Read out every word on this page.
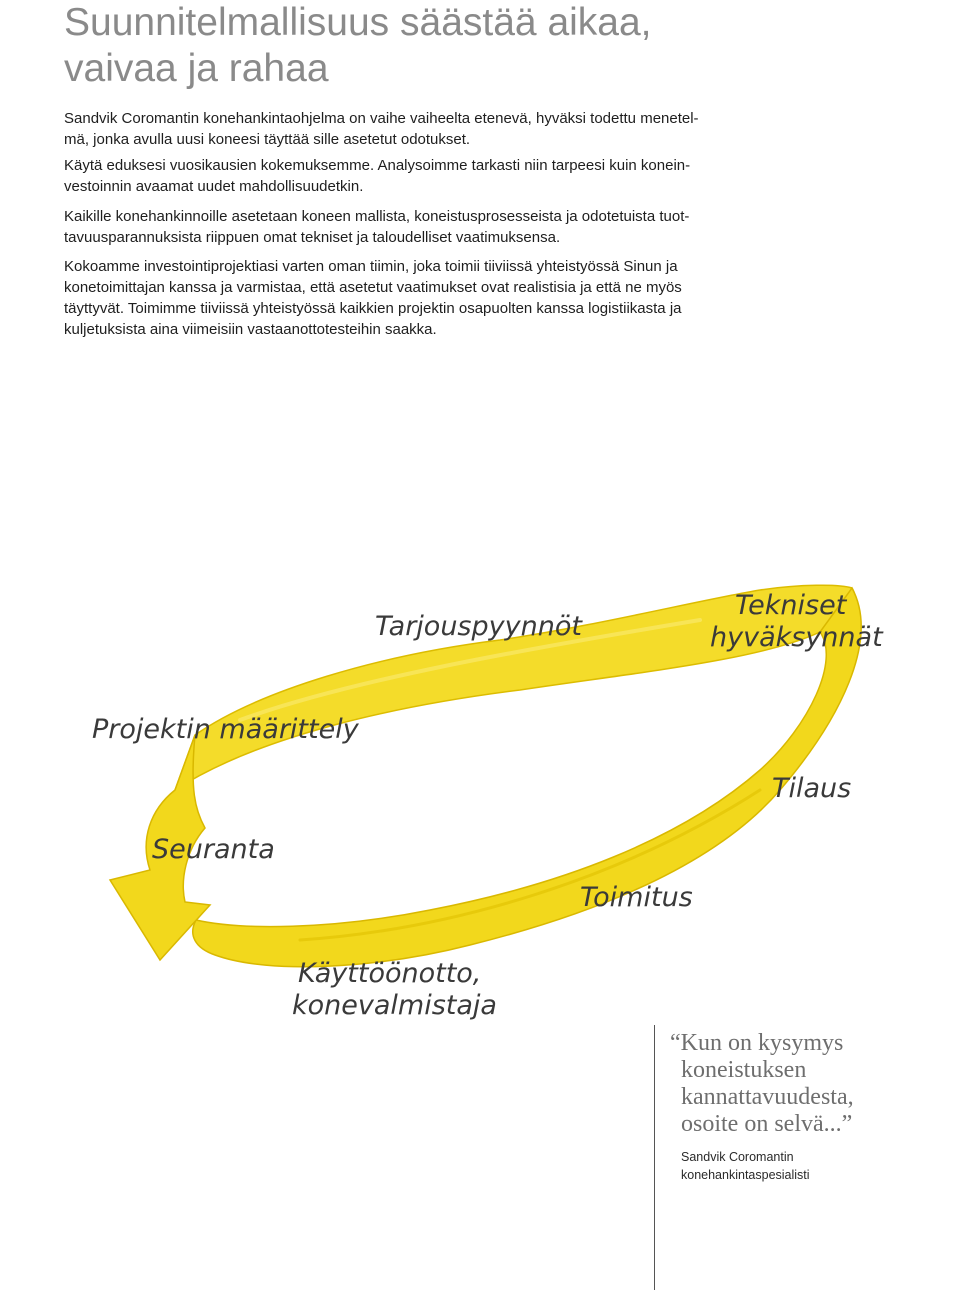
Suunnitelmallisuus säästää aikaa,
vaivaa ja rahaa
Sandvik Coromantin konehankintaohjelma on vaihe vaiheelta etenevä, hyväksi todettu menetel-
mä, jonka avulla uusi koneesi täyttää sille asetetut odotukset.
Käytä eduksesi vuosikausien kokemuksemme. Analysoimme tarkasti niin tarpeesi kuin konein-
vestoinnin avaamat uudet mahdollisuudetkin.
Kaikille konehankinnoille asetetaan koneen mallista, koneistusprosesseista ja odotetuista tuot-
tavuusparannuksista riippuen omat tekniset ja taloudelliset vaatimuksensa.
Kokoamme investointiprojektiasi varten oman tiimin, joka toimii tiiviissä yhteistyössä Sinun ja
konetoimittajan kanssa ja varmistaa, että asetetut vaatimukset ovat realistisia ja että ne myös
täyttyvät. Toimimme tiiviissä yhteistyössä kaikkien projektin osapuolten kanssa logistiikasta ja
kuljetuksista aina viimeisiin vastaanottotesteihin saakka.
Tarjouspyynnöt
Tekniset
hyväksynnät
Projektin määrittely
Tilaus
Seuranta
Toimitus
Käyttöönotto,
konevalmistaja
“Kun on kysymys
koneistuksen
kannattavuudesta,
osoite on selvä...”
Sandvik Coromantin
konehankintaspesialisti
